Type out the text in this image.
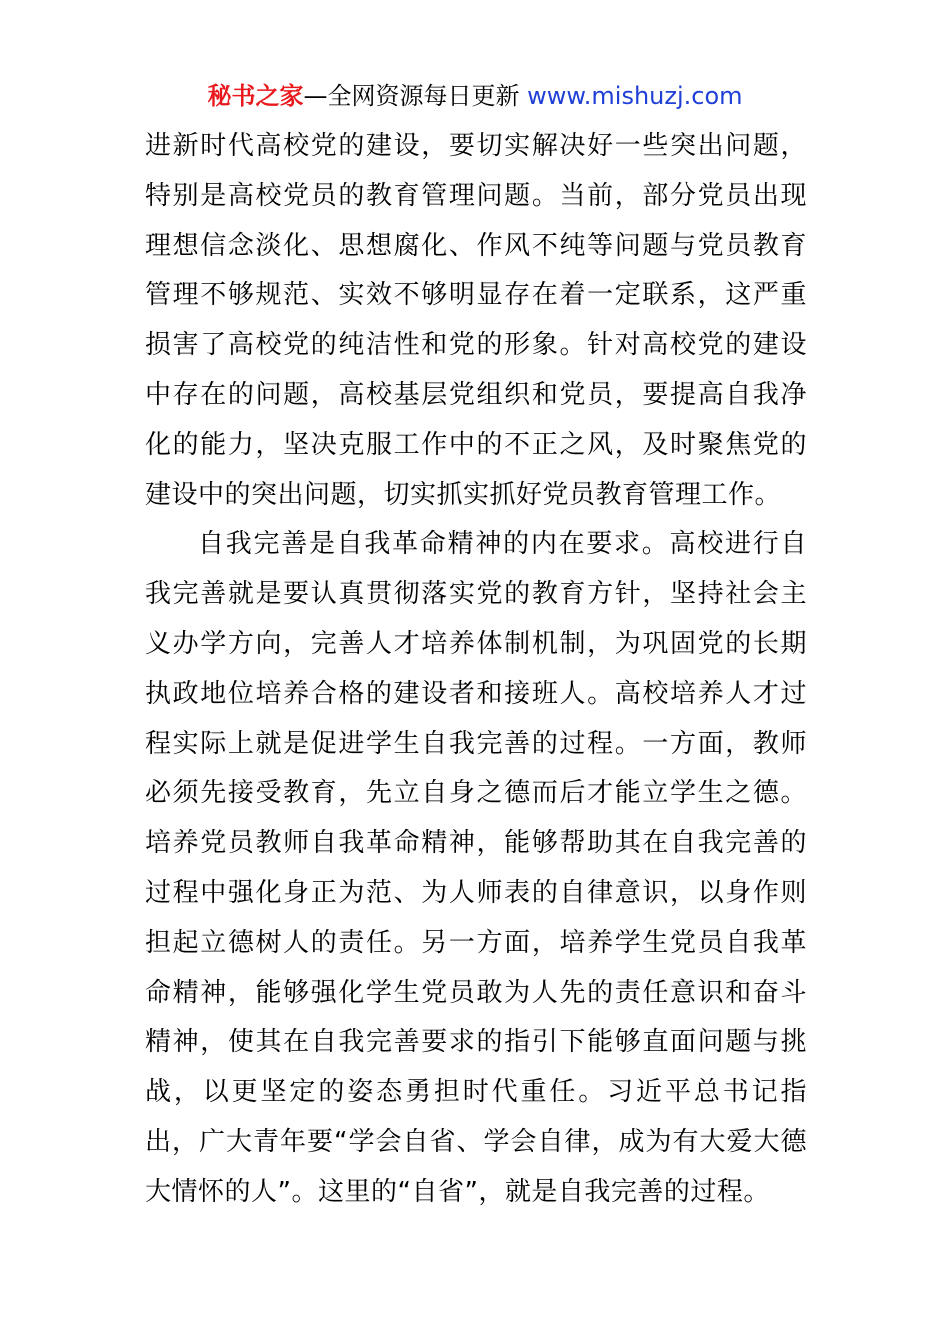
秘书之家—全网资源每日更新 www.mishuzj.com

进新时代高校党的建设，要切实解决好一些突出问题，特别是高校党员的教育管理问题。当前，部分党员出现理想信念淡化、思想腐化、作风不纯等问题与党员教育管理不够规范、实效不够明显存在着一定联系，这严重损害了高校党的纯洁性和党的形象。针对高校党的建设中存在的问题，高校基层党组织和党员，要提高自我净化的能力，坚决克服工作中的不正之风，及时聚焦党的建设中的突出问题，切实抓实抓好党员教育管理工作。

自我完善是自我革命精神的内在要求。高校进行自我完善就是要认真贯彻落实党的教育方针，坚持社会主义办学方向，完善人才培养体制机制，为巩固党的长期执政地位培养合格的建设者和接班人。高校培养人才过程实际上就是促进学生自我完善的过程。一方面，教师必须先接受教育，先立自身之德而后才能立学生之德。培养党员教师自我革命精神，能够帮助其在自我完善的过程中强化身正为范、为人师表的自律意识，以身作则担起立德树人的责任。另一方面，培养学生党员自我革命精神，能够强化学生党员敢为人先的责任意识和奋斗精神，使其在自我完善要求的指引下能够直面问题与挑战，以更坚定的姿态勇担时代重任。习近平总书记指出，广大青年要“学会自省、学会自律，成为有大爱大德大情怀的人”。这里的“自省”，就是自我完善的过程。
